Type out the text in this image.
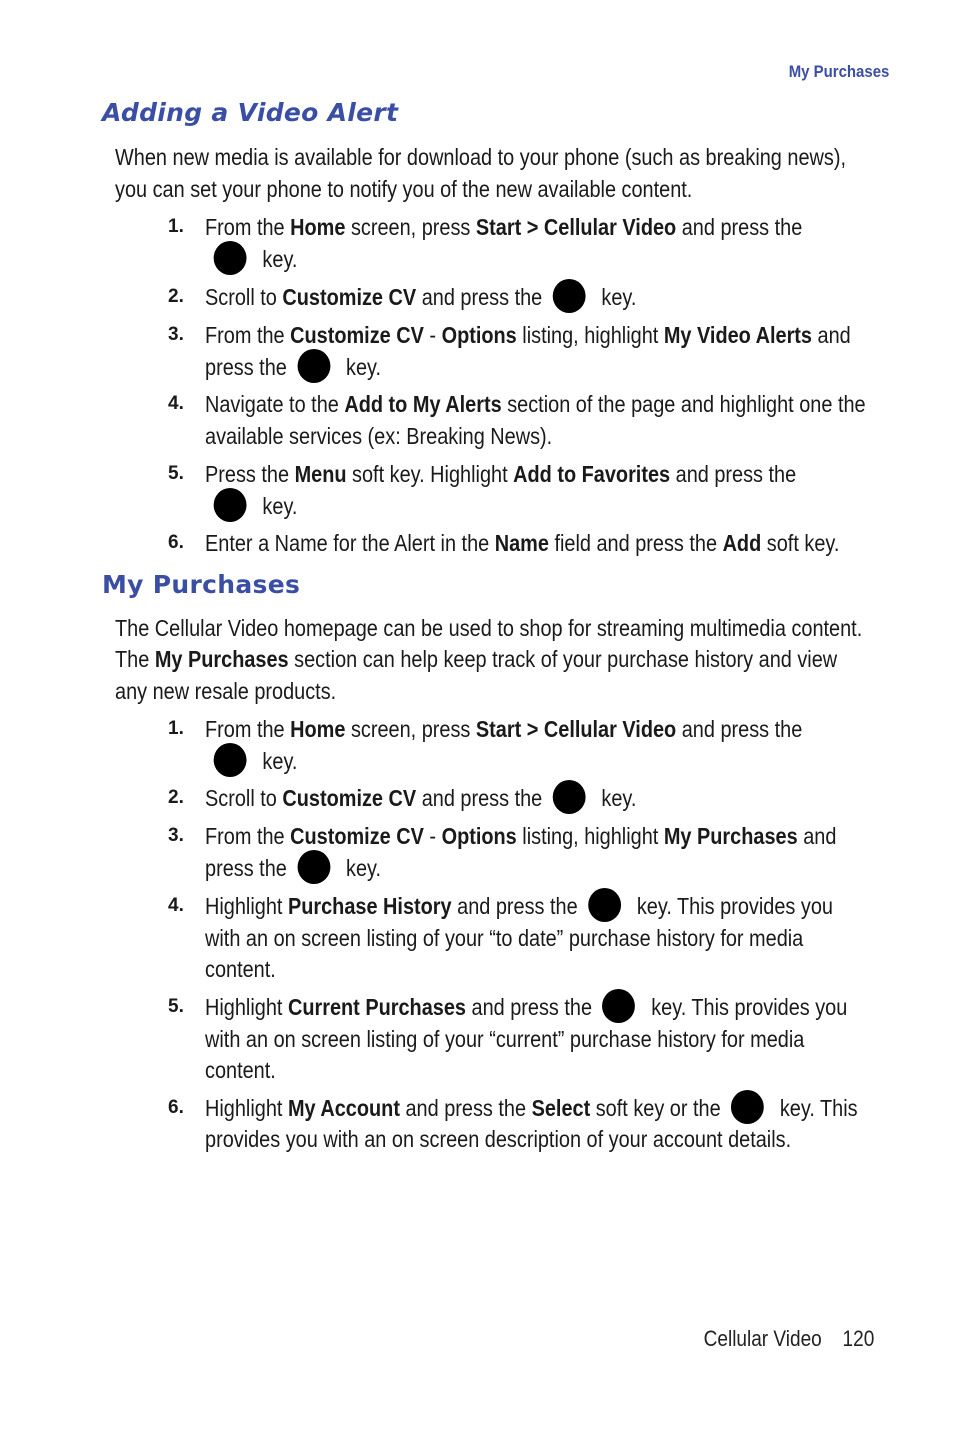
My Purchases
Adding a Video Alert
When new media is available for download to your phone (such as breaking news),
you can set your phone to notify you of the new available content.
1. From the Home screen, press Start > Cellular Video and press the
key.
2. Scroll to Customize CV and press the key.
3. From the Customize CV - Options listing, highlight My Video Alerts and
press the key.
4. Navigate to the Add to My Alerts section of the page and highlight one the
available services (ex: Breaking News).
5. Press the Menu soft key. Highlight Add to Favorites and press the
key.
6. Enter a Name for the Alert in the Name field and press the Add soft key.
My Purchases
The Cellular Video homepage can be used to shop for streaming multimedia content.
The My Purchases section can help keep track of your purchase history and view
any new resale products.
1. From the Home screen, press Start > Cellular Video and press the
key.
2. Scroll to Customize CV and press the key.
3. From the Customize CV - Options listing, highlight My Purchases and
press the key.
4. Highlight Purchase History and press the key. This provides you
with an on screen listing of your “to date” purchase history for media
content.
5. Highlight Current Purchases and press the key. This provides you
with an on screen listing of your “current” purchase history for media
content.
6. Highlight My Account and press the Select soft key or the key. This
provides you with an on screen description of your account details.
Cellular Video 120
